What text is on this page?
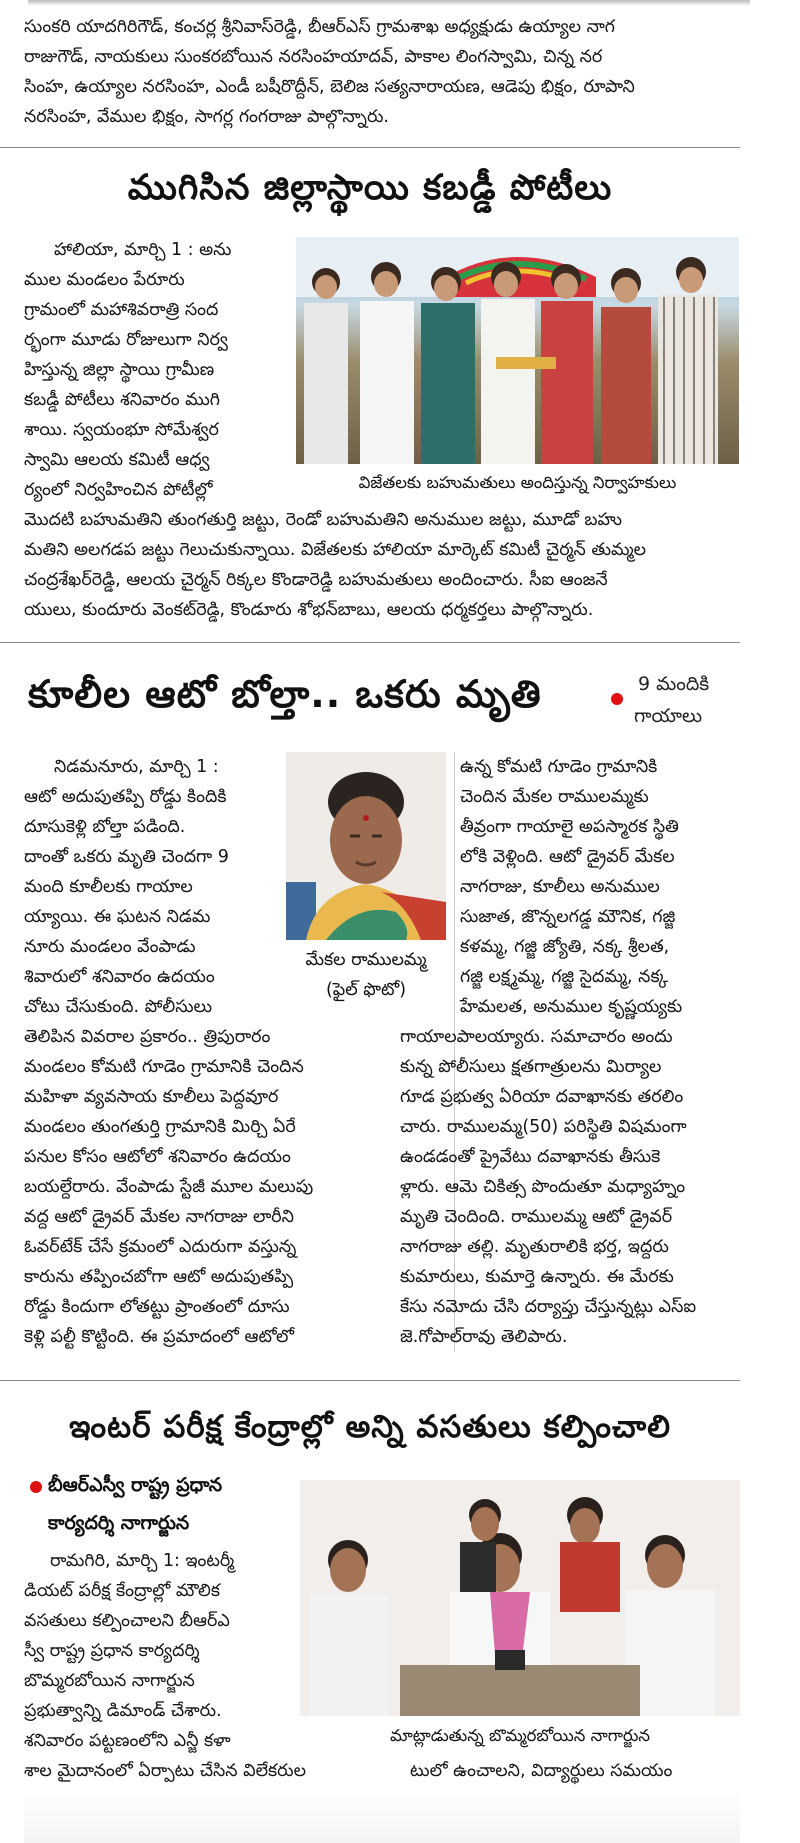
సుంకరి యాదగిరిగౌడ్, కంచర్ల శ్రీనివాస్‌రెడ్డి, బీఆర్ఎస్ గ్రామశాఖ అధ్యక్షుడు ఉయ్యాల నాగ

రాజుగౌడ్, నాయకులు సుంకరబోయిన నరసింహయాదవ్, పాకాల లింగస్వామి, చిన్న నర

సింహ, ఉయ్యాల నరసింహ, ఎండీ బషీరొద్దీన్, బెలిజ సత్యనారాయణ, ఆడెపు భిక్షం, రూపాని

నరసింహ, వేముల భిక్షం, సాగర్ల గంగరాజు పాల్గొన్నారు.

ముగిసిన జిల్లాస్థాయి కబడ్డీ పోటీలు

హాలియా, మార్చి 1 : అను

ముల మండలం పేరూరు

గ్రామంలో మహాశివరాత్రి సంద

ర్భంగా మూడు రోజులుగా నిర్వ

హిస్తున్న జిల్లా స్థాయి గ్రామీణ

కబడ్డీ పోటీలు శనివారం ముగి

శాయి. స్వయంభూ సోమేశ్వర

స్వామి ఆలయ కమిటీ ఆధ్వ

ర్యంలో నిర్వహించిన పోటీల్లో	విజేతలకు బహుమతులు అందిస్తున్న నిర్వాహకులు

మొదటి బహుమతిని తుంగతుర్తి జట్టు, రెండో బహుమతిని అనుముల జట్టు, మూడో బహు

మతిని అలగడప జట్టు గెలుచుకున్నాయి. విజేతలకు హాలియా మార్కెట్ కమిటీ చైర్మన్ తుమ్మల

చంద్రశేఖర్‌రెడ్డి, ఆలయ చైర్మన్ రిక్కల కొండారెడ్డి బహుమతులు అందించారు. సీఐ ఆంజనే

యులు, కుందూరు వెంకట్‌రెడ్డి, కొండూరు శోభన్‌బాబు, ఆలయ ధర్మకర్తలు పాల్గొన్నారు.

కూలీల ఆటో బోల్తా.. ఒకరు మృతి	9 మందికి
గాయాలు

నిడమనూరు, మార్చి 1 :

ఆటో అదుపుతప్పి రోడ్డు కిందికి

దూసుకెళ్లి బోల్తా పడింది.

దాంతో ఒకరు మృతి చెందగా 9

మంది కూలీలకు గాయాల

య్యాయి. ఈ ఘటన నిడమ

నూరు మండలం వేంపాడు

శివారులో శనివారం ఉదయం

చోటు చేసుకుంది. పోలీసులు

మేకల రాములమ్మ
(ఫైల్ ఫొటో)

తెలిపిన వివరాల ప్రకారం.. త్రిపురారం

మండలం కోమటి గూడెం గ్రామానికి చెందిన

మహిళా వ్యవసాయ కూలీలు పెద్దవూర

మండలం తుంగతుర్తి గ్రామానికి మిర్చి ఏరే

పనుల కోసం ఆటోలో శనివారం ఉదయం

బయల్దేరారు. వేంపాడు స్టేజీ మూల మలుపు

వద్ద ఆటో డ్రైవర్ మేకల నాగరాజు లారీని

ఓవర్‌టేక్ చేసే క్రమంలో ఎదురుగా వస్తున్న

కారును తప్పించబోగా ఆటో అదుపుతప్పి

రోడ్డు కిందుగా లోతట్టు ప్రాంతంలో దూసు

కెళ్లి పల్టీ కొట్టింది. ఈ ప్రమాదంలో ఆటోలో

ఉన్న కోమటి గూడెం గ్రామానికి

చెందిన మేకల రాములమ్మకు

తీవ్రంగా గాయాలై అపస్మారక స్థితి

లోకి వెళ్లింది. ఆటో డ్రైవర్ మేకల

నాగరాజు, కూలీలు అనుముల

సుజాత, జొన్నలగడ్డ మౌనిక, గజ్జి

కళమ్మ, గజ్జి జ్యోతి, నక్క శ్రీలత,

గజ్జి లక్ష్మమ్మ, గజ్జి సైదమ్మ, నక్క

హేమలత, అనుముల కృష్ణయ్యకు

గాయాలపాలయ్యారు. సమాచారం అందు

కున్న పోలీసులు క్షతగాత్రులను మిర్యాల

గూడ ప్రభుత్వ ఏరియా దవాఖానకు తరలిం

చారు. రాములమ్మ(50) పరిస్థితి విషమంగా

ఉండడంతో ప్రైవేటు దవాఖానకు తీసుకె

ళ్లారు. ఆమె చికిత్స పొందుతూ మధ్యాహ్నం

మృతి చెందింది. రాములమ్మ ఆటో డ్రైవర్

నాగరాజు తల్లి. మృతురాలికి భర్త, ఇద్దరు

కుమారులు, కుమార్తె ఉన్నారు. ఈ మేరకు

కేసు నమోదు చేసి దర్యాప్తు చేస్తున్నట్లు ఎస్ఐ

జె.గోపాల్‌రావు తెలిపారు.

ఇంటర్ పరీక్ష కేంద్రాల్లో అన్ని వసతులు కల్పించాలి
బీఆర్ఎస్వీ రాష్ట్ర ప్రధాన
కార్యదర్శి నాగార్జున

రామగిరి, మార్చి 1: ఇంటర్మీ

డియట్ పరీక్ష కేంద్రాల్లో మౌలిక

వసతులు కల్పించాలని బీఆర్ఎ

స్వీ రాష్ట్ర ప్రధాన కార్యదర్శి

బొమ్మరబోయిన నాగార్జున

ప్రభుత్వాన్ని డిమాండ్ చేశారు.

శనివారం పట్టణంలోని ఎన్జీ కళా

శాల మైదానంలో ఏర్పాటు చేసిన విలేకరుల

మాట్లాడుతున్న బొమ్మరబోయిన నాగార్జున

టులో ఉంచాలని, విద్యార్థులు సమయం
